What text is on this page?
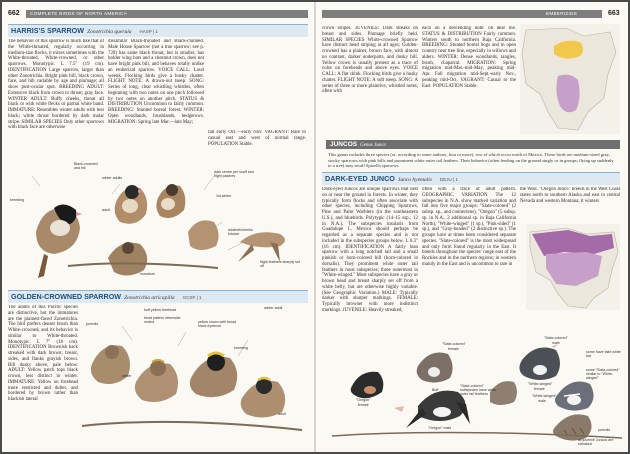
662 COMPLETE BIRDS OF NORTH AMERICA
HARRIS'S SPARROW Zonotrichia querula HASP | 1
The behavior of this sparrow is much like that of the White-throated, regularly occurring in medium-size flocks, it mixes sometimes with the White-throated, White-crowned, or other sparrows. Monotypic. L 7.5" (19 cm). IDENTIFICATION Large sparrow, larger than other Zonotrichia. Bright pink bill, black crown, face, and bib variable by age and plumage; all show post-ocular spot. BREEDING ADULT: Extensive black from crown to throat; gray face. WINTER ADULT: Buffy cheeks, throat all black or with white flecks or partial white band. IMMATURE: Resembles winter adults with less black; white throat bordered by dark malar stripe. SIMILAR SPECIES Only other sparrows with black face are otherwise
dissimilar Black-throated and Black-chinned. Male House Sparrow (not a true sparrow; see p. 720) has same black throat, but is smaller, has bolder wing bars and a chestnut crown, does not have bright pink bill, and behaves totally unlike an emberizid sparrow. VOICE CALL: Loud weenk. Flocking birds give a husky chatter. FLIGHT NOTE: A drawn-out tseep. SONG: Series of long, clear whistling whistles, often beginning with two notes on one pitch followed by two notes on another pitch. STATUS & DISTRIBUTION Uncommon to fairly common. BREEDING: Stunted boreal forest. WINTER: Open woodlands, brushlands, hedgerows. MIGRATION: Spring late Mar.—late May;
fall early Oct.—early Nov. VAGRANT: Rare to casual east and west of normal range. POPULATION Stable.
Black-crowned and bill
winter adults
breeding
dark centre per scaff and flight patches
1st winter
lessfeet/cheeks blacker
adult
immature
flight feathers sharply set off
GOLDEN-CROWNED SPARROW Zonotrichia atricapilla GCSP | 1
The adults of this Pacific species are distinctive, but the immatures are the plainest-faced Zonotrichia. The bird prefers denser brush than White-crowned, and its behavior is similar to White-throated. Monotypic. L 7" (18 cm). IDENTIFICATION Brownish back streaked with dark brown; breast, sides, and flanks grayish brown. Bill dusky above, pale below. ADULT: Yellow patch tops black crown, less distinct in winter. IMMATURE: Yellow on forehead more restricted and duller, and bordered by brown rather than blackish lateral
juvenile
buff yellow forehead
head pattern otherwise muted	yellow crown with broad black eyebrow
winter
breeding
winter adult
adult
EMBERIZIDS	663
crown stripes. JUVENILE: Dark streaks on breast and sides. Plumage briefly held. SIMILAR SPECIES White-crowned Sparrow have distinct head striping at all ages; Golden-crowned has a plainer, brown face, with almost no contrast, darker underparts, and dusky bill. Yellow crown is usually present as a trace of color on foreheads and above eyes. VOICE CALL: A flat chink. Flocking birds give a husky chatter. FLIGHT NOTE: A soft tseep. SONG: A series of three or more plaintive, whistled notes, often with
each on a descending note: oh dear me. STATUS & DISTRIBUTION Fairly common. Winters south to northern Baja California. BREEDING: Stunted boreal bogs and in open country near tree line, especially in willows and alders. WINTER: Dense woodlands, tangles, brush, chaparral. MIGRATION: Spring migration mid-Mar.-mid-May, peaking mid-Apr. Fall migration mid-Sept.-early Nov., peaking mid-Oct. VAGRANT: Casual to the East. POPULATION Stable.
JUNCOS Genus Junco
This genus includes three species (or, according to some authors, four or more), two of which occur north of Mexico. These birds are medium-sized gray, stocky sparrows with pink bills and prominent white outer tail feathers. Their behavior (often feeding on the ground singly or in groups; flying up suddenly to a tree) may recall Spizella sparrows.
DARK-EYED JUNCO Junco hyemalis DEJU | 1
Dark-eyed Juncos are unique sparrows that nest on or near the ground in forests. In winter, they typically form flocks and often associate with other species, including Chipping Sparrows, Pine and Palm Warblers (in the southeastern U.S.), and bluebirds. Polytypic (14–15 ssp.; 12 in N.A.). The subspecies insularis from Guadalupe I., Mexico should perhaps be regarded as a separate species and is not included in the subspecies groups below. L 6.3" (16 cm). IDENTIFICATION A fairly lean sparrow with a long notched tail and a small pinkish or horn-colored bill (horn-colored in dorsalis). They prominent white outer tail feathers in most subspecies; three outermost in "White-winged." Most subspecies have a gray or brown head and breast sharply set off from a white belly, but are otherwise highly variable. (See Geographic Variation.) MALE: Typically darker with sharper markings. FEMALE: Typically browner with more indistinct markings. JUVENILE: Heavily streaked,
often with a trace of adult pattern. GEOGRAPHIC VARIATION The 12 subspecies in N.A. show marked variation and fall into five major groups: "Slate-colored" (2 subsp. sp., and connectens), "Oregon" (5 subsp. sp. in N.A., 2 additional sp. in Baja California North), "White-winged" (1 sp.), "Pink-sided" (1 sp.), and "Gray-headed" (2 distinctive sp.). The groups have at times been considered separate species. "Slate-colored" is the most widespread and only form found regularly in the East. It breeds throughout the species' range east of the Rockies and in the northern regions; in western mainly in the East and is uncommon to rare in
the West. "Oregon Junco" breeds in the West Coast states north to southern Alaska and east to central Nevada and western Montana; it winters
"Slate-colored"
female
"Slate-colored"
male
some have faint white bar
some "Slate-colored" similar to "White-winged"
"Oregon"
female
Buff
"Oregon" male
"Slate-colored" subspecies have white outer tail feathers
"White-winged"
female
"White-winged"
male
all juvenile Juncos are streaked
juvenile
